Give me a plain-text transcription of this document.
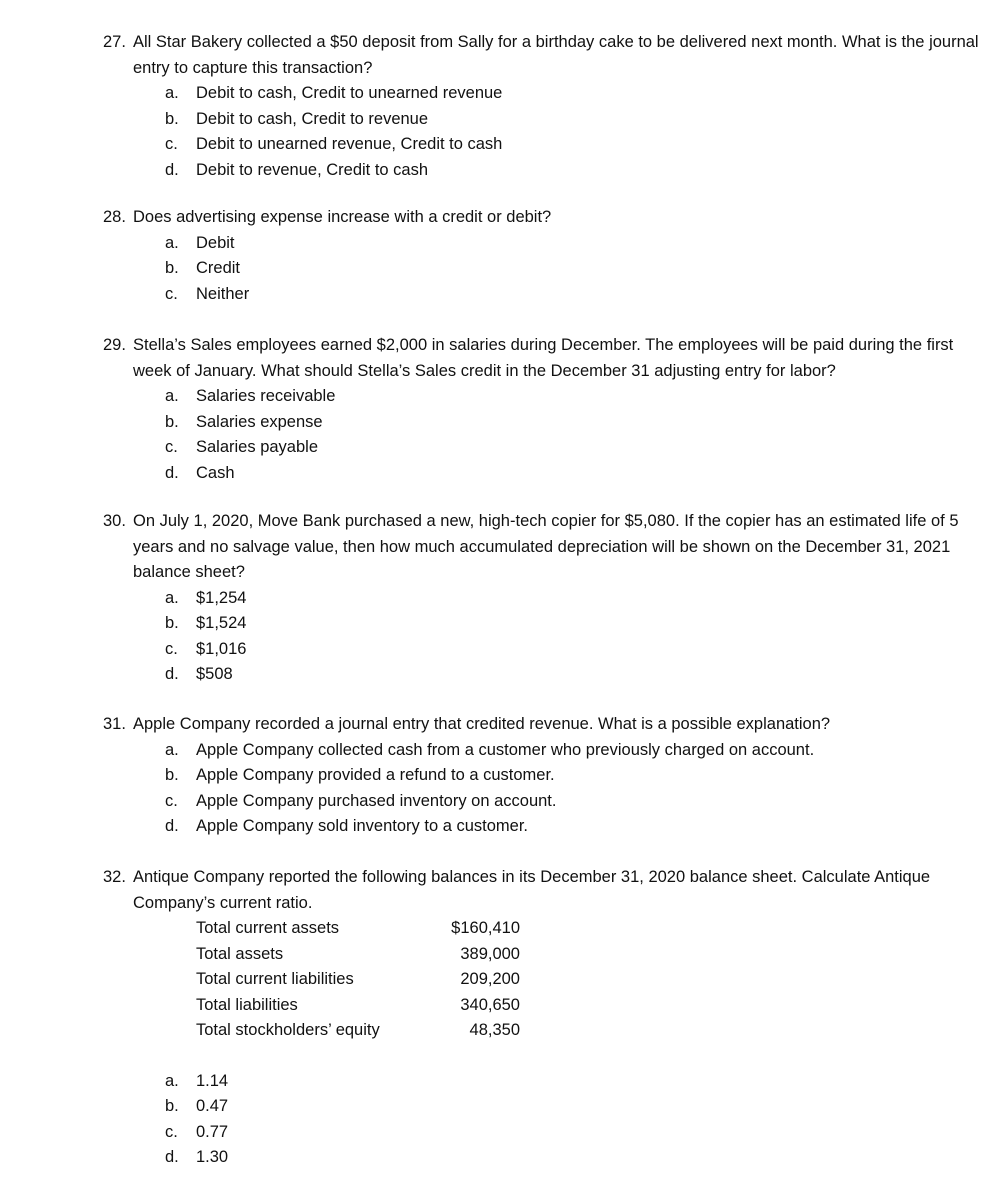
27. All Star Bakery collected a $50 deposit from Sally for a birthday cake to be delivered next month. What is the journal entry to capture this transaction?
a. Debit to cash, Credit to unearned revenue
b. Debit to cash, Credit to revenue
c. Debit to unearned revenue, Credit to cash
d. Debit to revenue, Credit to cash
28. Does advertising expense increase with a credit or debit?
a. Debit
b. Credit
c. Neither
29. Stella’s Sales employees earned $2,000 in salaries during December. The employees will be paid during the first week of January. What should Stella’s Sales credit in the December 31 adjusting entry for labor?
a. Salaries receivable
b. Salaries expense
c. Salaries payable
d. Cash
30. On July 1, 2020, Move Bank purchased a new, high-tech copier for $5,080. If the copier has an estimated life of 5 years and no salvage value, then how much accumulated depreciation will be shown on the December 31, 2021 balance sheet?
a. $1,254
b. $1,524
c. $1,016
d. $508
31. Apple Company recorded a journal entry that credited revenue. What is a possible explanation?
a. Apple Company collected cash from a customer who previously charged on account.
b. Apple Company provided a refund to a customer.
c. Apple Company purchased inventory on account.
d. Apple Company sold inventory to a customer.
32. Antique Company reported the following balances in its December 31, 2020 balance sheet. Calculate Antique Company’s current ratio.
Total current assets	$160,410
Total assets	389,000
Total current liabilities	209,200
Total liabilities	340,650
Total stockholders’ equity	48,350
a. 1.14
b. 0.47
c. 0.77
d. 1.30
